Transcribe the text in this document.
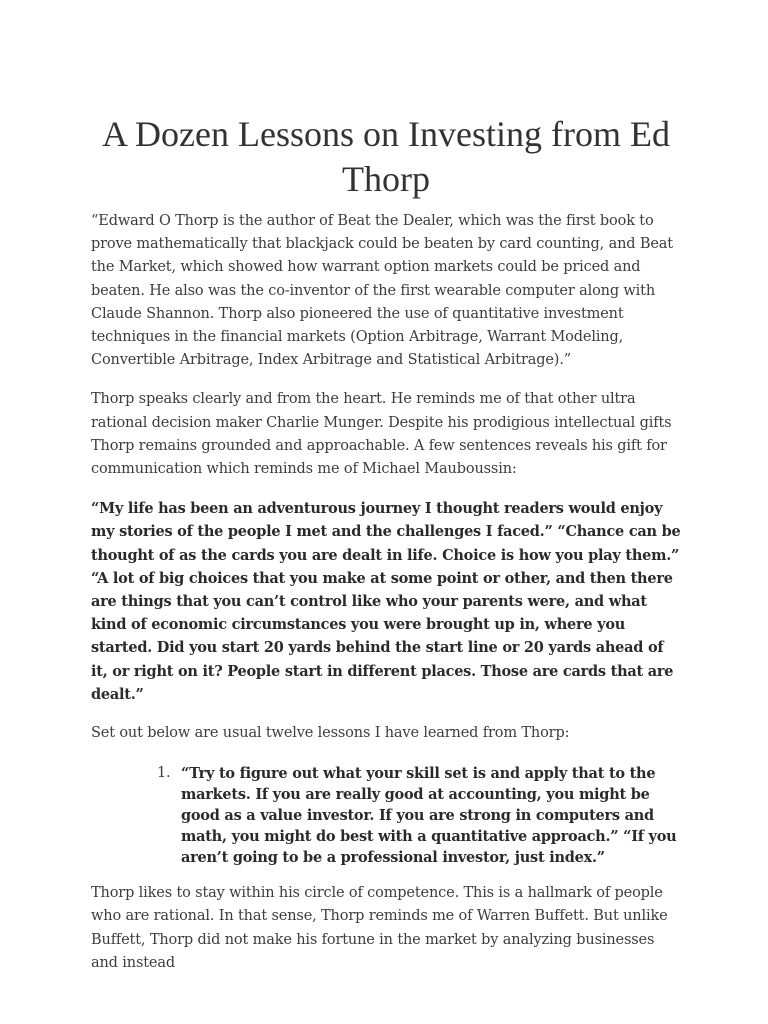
A Dozen Lessons on Investing from Ed Thorp

“Edward O Thorp is the author of Beat the Dealer, which was the first book to prove mathematically that blackjack could be beaten by card counting, and Beat the Market, which showed how warrant option markets could be priced and beaten. He also was the co-inventor of the first wearable computer along with Claude Shannon. Thorp also pioneered the use of quantitative investment techniques in the financial markets (Option Arbitrage, Warrant Modeling, Convertible Arbitrage, Index Arbitrage and Statistical Arbitrage).”

Thorp speaks clearly and from the heart. He reminds me of that other ultra rational decision maker Charlie Munger. Despite his prodigious intellectual gifts Thorp remains grounded and approachable. A few sentences reveals his gift for communication which reminds me of Michael Mauboussin:

“My life has been an adventurous journey I thought readers would enjoy my stories of the people I met and the challenges I faced.” “Chance can be thought of as the cards you are dealt in life. Choice is how you play them.” “A lot of big choices that you make at some point or other, and then there are things that you can’t control like who your parents were, and what kind of economic circumstances you were brought up in, where you started. Did you start 20 yards behind the start line or 20 yards ahead of it, or right on it? People start in different places. Those are cards that are dealt.”

Set out below are usual twelve lessons I have learned from Thorp:

1. “Try to figure out what your skill set is and apply that to the markets. If you are really good at accounting, you might be good as a value investor. If you are strong in computers and math, you might do best with a quantitative approach.” “If you aren’t going to be a professional investor, just index.”

Thorp likes to stay within his circle of competence. This is a hallmark of people who are rational. In that sense, Thorp reminds me of Warren Buffett. But unlike Buffett, Thorp did not make his fortune in the market by analyzing businesses and instead
